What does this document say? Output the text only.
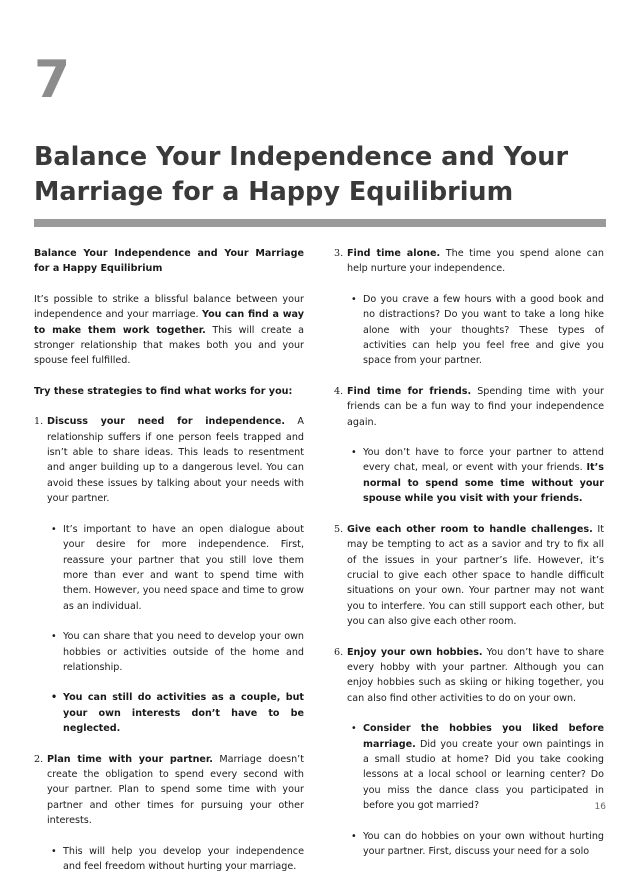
7
Balance Your Independence and Your
Marriage for a Happy Equilibrium

Balance Your Independence and Your Marriage for a Happy Equilibrium

It’s possible to strike a blissful balance between your independence and your marriage. You can find a way to make them work together. This will create a stronger relationship that makes both you and your spouse feel fulfilled.

Try these strategies to find what works for you:

1. Discuss your need for independence. A relationship suffers if one person feels trapped and isn’t able to share ideas. This leads to resentment and anger building up to a dangerous level. You can avoid these issues by talking about your needs with your partner.

• It’s important to have an open dialogue about your desire for more independence. First, reassure your partner that you still love them more than ever and want to spend time with them. However, you need space and time to grow as an individual.

• You can share that you need to develop your own hobbies or activities outside of the home and relationship.

• You can still do activities as a couple, but your own interests don’t have to be neglected.

2. Plan time with your partner. Marriage doesn’t create the obligation to spend every second with your partner. Plan to spend some time with your partner and other times for pursuing your other interests.

• This will help you develop your independence and feel freedom without hurting your marriage.

3. Find time alone. The time you spend alone can help nurture your independence.

• Do you crave a few hours with a good book and no distractions? Do you want to take a long hike alone with your thoughts? These types of activities can help you feel free and give you space from your partner.

4. Find time for friends. Spending time with your friends can be a fun way to find your independence again.

• You don’t have to force your partner to attend every chat, meal, or event with your friends. It’s normal to spend some time without your spouse while you visit with your friends.

5. Give each other room to handle challenges. It may be tempting to act as a savior and try to fix all of the issues in your partner’s life. However, it’s crucial to give each other space to handle difficult situations on your own. Your partner may not want you to interfere. You can still support each other, but you can also give each other room.

6. Enjoy your own hobbies. You don’t have to share every hobby with your partner. Although you can enjoy hobbies such as skiing or hiking together, you can also find other activities to do on your own.

• Consider the hobbies you liked before marriage. Did you create your own paintings in a small studio at home? Did you take cooking lessons at a local school or learning center? Do you miss the dance class you participated in before you got married?

• You can do hobbies on your own without hurting your partner. First, discuss your need for a solo

16
